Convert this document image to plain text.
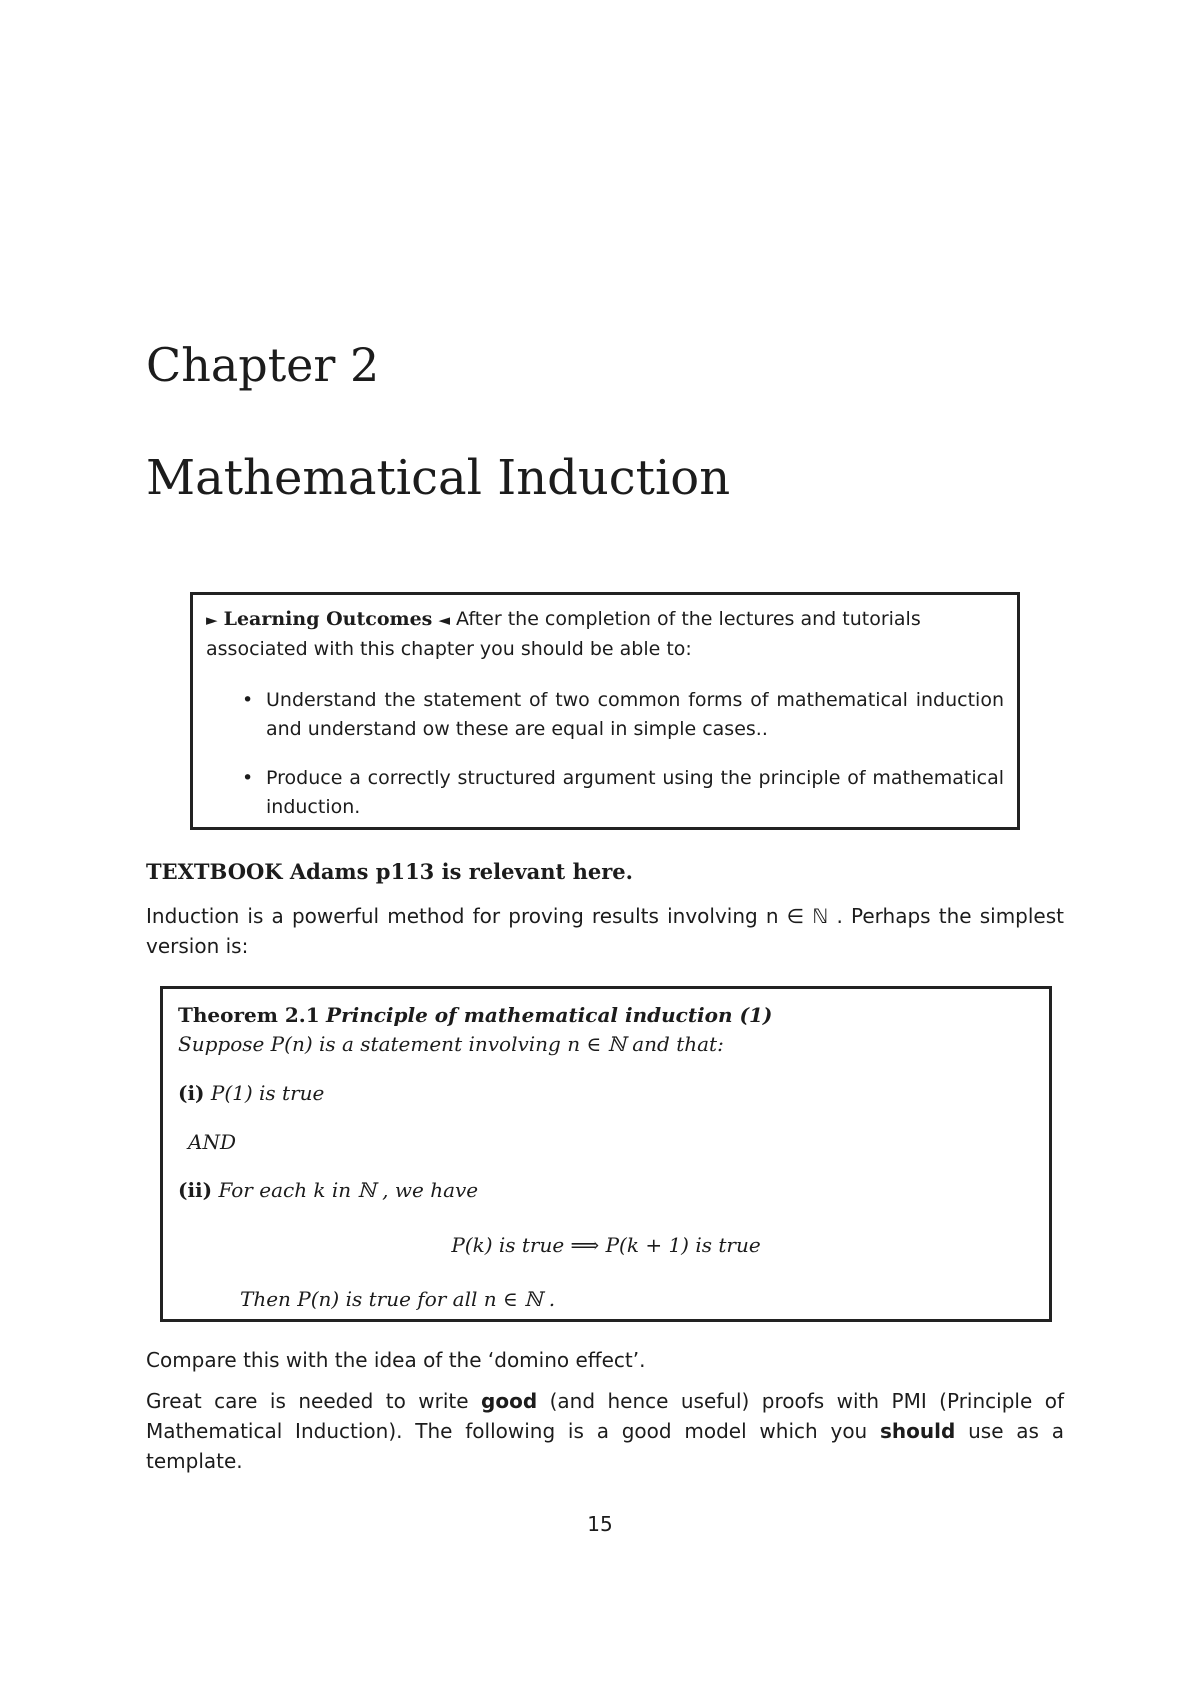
Chapter 2
Mathematical Induction

► Learning Outcomes ◄ After the completion of the lectures and tutorials
associated with this chapter you should be able to:

• Understand the statement of two common forms of mathematical induction and understand ow these are equal in simple cases..
• Produce a correctly structured argument using the principle of mathematical induction.

TEXTBOOK Adams p113 is relevant here.

Induction is a powerful method for proving results involving n ∈ ℕ . Perhaps the simplest version is:

Theorem 2.1 Principle of mathematical induction (1)

Suppose P(n) is a statement involving n ∈ ℕ and that:

(i) P(1) is true

AND

(ii) For each k in ℕ , we have

P(k) is true ⟹ P(k + 1) is true

Then P(n) is true for all n ∈ ℕ .

Compare this with the idea of the ‘domino effect’.

Great care is needed to write good (and hence useful) proofs with PMI (Principle of Mathematical Induction). The following is a good model which you should use as a template.

15
